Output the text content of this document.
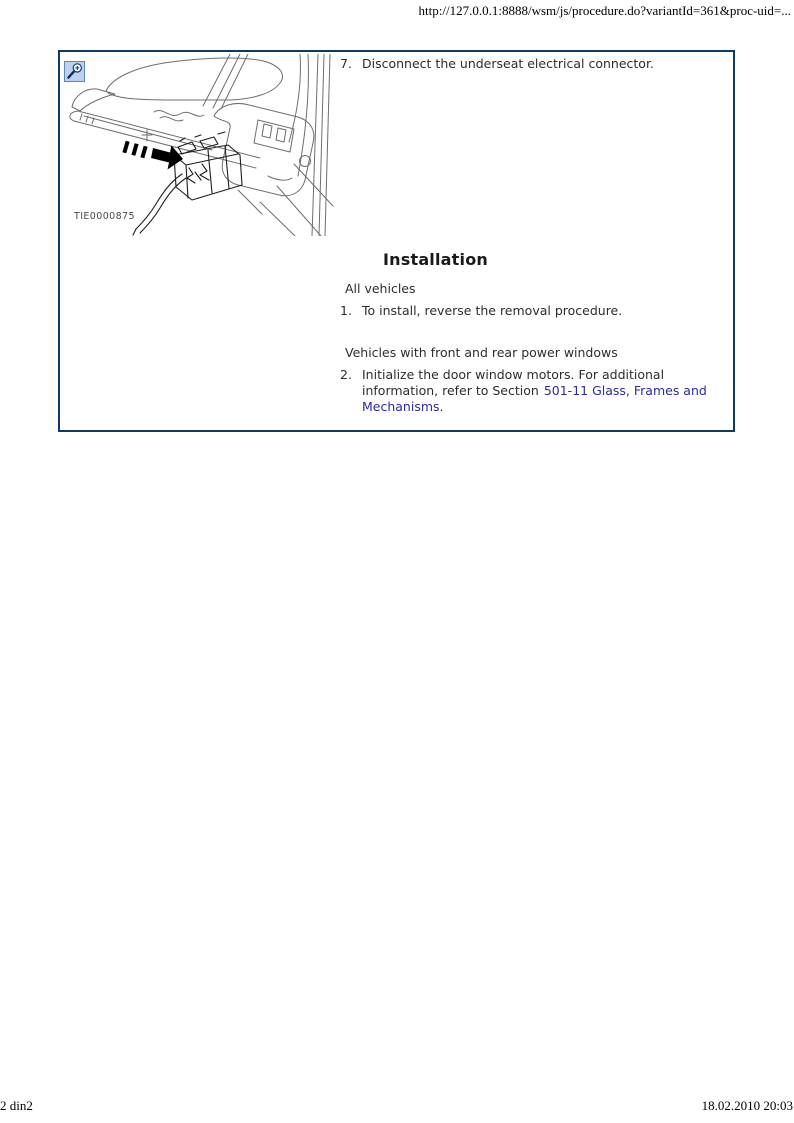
http://127.0.0.1:8888/wsm/js/procedure.do?variantId=361&proc-uid=...
TIE0000875
7. Disconnect the underseat electrical connector.
Installation
All vehicles
1. To install, reverse the removal procedure.
Vehicles with front and rear power windows
2. Initialize the door window motors. For additional information, refer to Section 501-11 Glass, Frames and Mechanisms.
2 din2	18.02.2010 20:03
